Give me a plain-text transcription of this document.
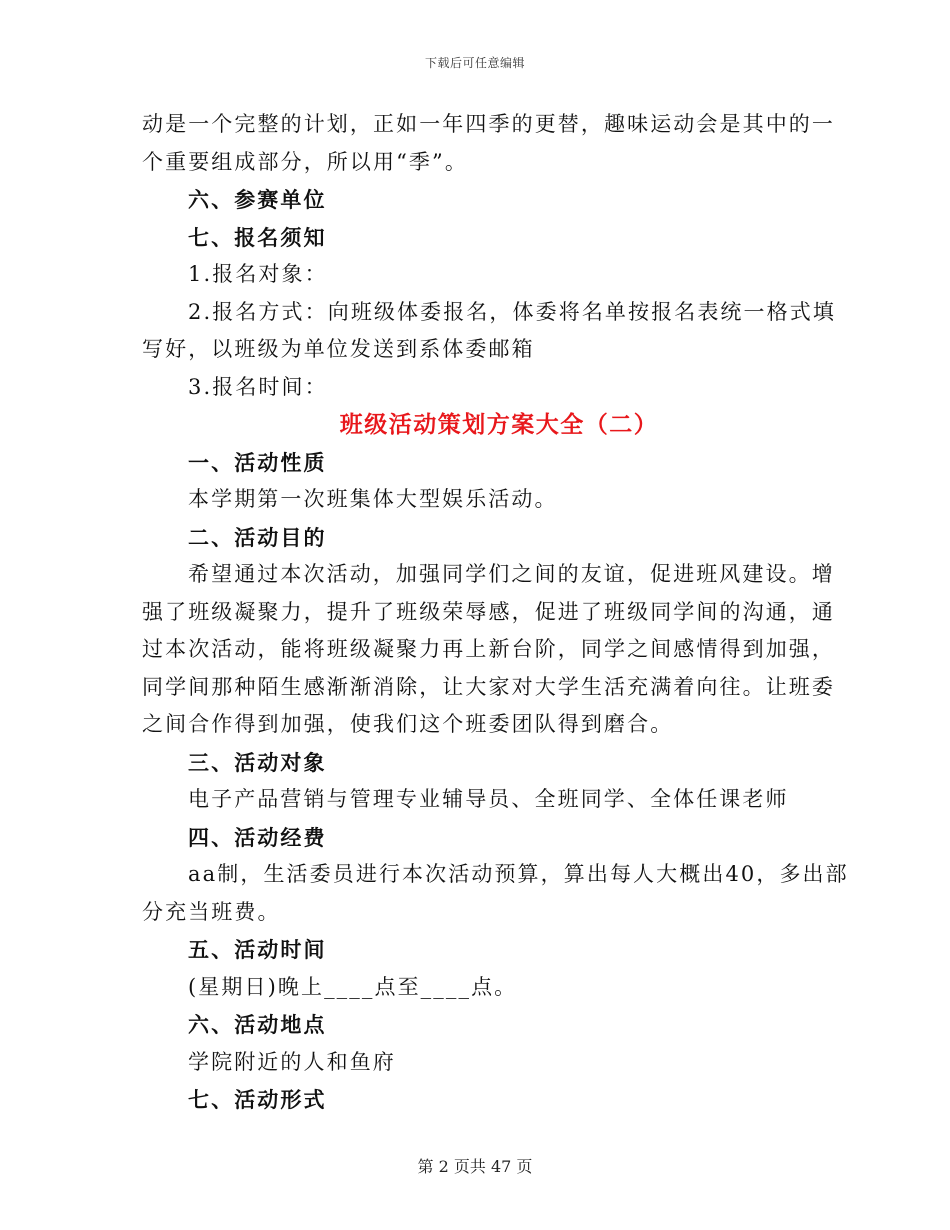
下载后可任意编辑
动是一个完整的计划，正如一年四季的更替，趣味运动会是其中的一
个重要组成部分，所以用“季”。
六、参赛单位
七、报名须知
1.报名对象：
2.报名方式：向班级体委报名，体委将名单按报名表统一格式填
写好，以班级为单位发送到系体委邮箱
3.报名时间：
班级活动策划方案大全（二）
一、活动性质
本学期第一次班集体大型娱乐活动。
二、活动目的
希望通过本次活动，加强同学们之间的友谊，促进班风建设。增
强了班级凝聚力，提升了班级荣辱感，促进了班级同学间的沟通，通
过本次活动，能将班级凝聚力再上新台阶，同学之间感情得到加强，
同学间那种陌生感渐渐消除，让大家对大学生活充满着向往。让班委
之间合作得到加强，使我们这个班委团队得到磨合。
三、活动对象
电子产品营销与管理专业辅导员、全班同学、全体任课老师
四、活动经费
aa制，生活委员进行本次活动预算，算出每人大概出40，多出部
分充当班费。
五、活动时间
(星期日)晚上____点至____点。
六、活动地点
学院附近的人和鱼府
七、活动形式
第 2 页共 47 页
